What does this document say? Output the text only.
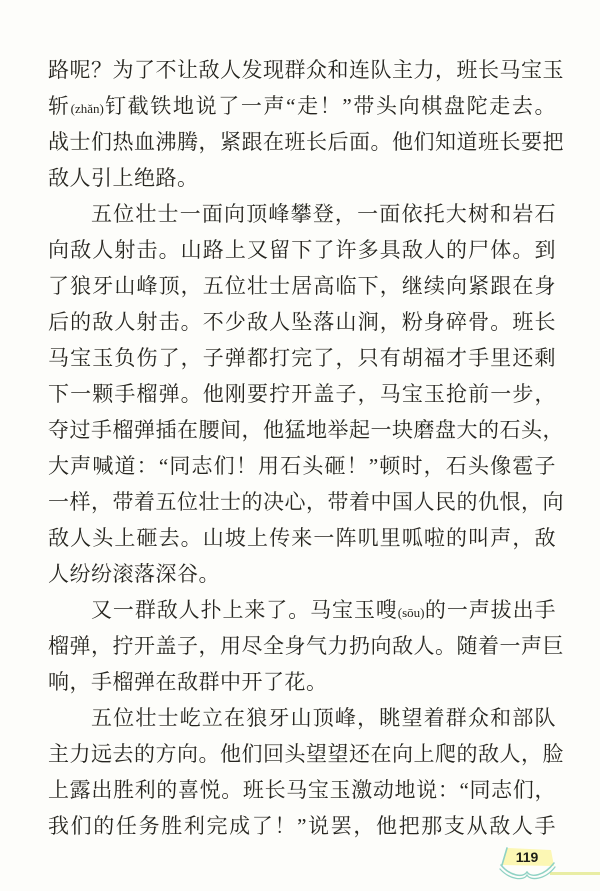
路呢？为了不让敌人发现群众和连队主力，班长马宝玉
斩(zhǎn)钉截铁地说了一声“走！”带头向棋盘陀走去。
战士们热血沸腾，紧跟在班长后面。他们知道班长要把
敌人引上绝路。
五位壮士一面向顶峰攀登，一面依托大树和岩石
向敌人射击。山路上又留下了许多具敌人的尸体。到
了狼牙山峰顶，五位壮士居高临下，继续向紧跟在身
后的敌人射击。不少敌人坠落山涧，粉身碎骨。班长
马宝玉负伤了，子弹都打完了，只有胡福才手里还剩
下一颗手榴弹。他刚要拧开盖子，马宝玉抢前一步，
夺过手榴弹插在腰间，他猛地举起一块磨盘大的石头，
大声喊道：“同志们！用石头砸！”顿时，石头像雹子
一样，带着五位壮士的决心，带着中国人民的仇恨，向
敌人头上砸去。山坡上传来一阵叽里呱啦的叫声，敌
人纷纷滚落深谷。
又一群敌人扑上来了。马宝玉嗖(sōu)的一声拔出手
榴弹，拧开盖子，用尽全身气力扔向敌人。随着一声巨
响，手榴弹在敌群中开了花。
五位壮士屹立在狼牙山顶峰，眺望着群众和部队
主力远去的方向。他们回头望望还在向上爬的敌人，脸
上露出胜利的喜悦。班长马宝玉激动地说：“同志们，
我们的任务胜利完成了！”说罢，他把那支从敌人手
119
